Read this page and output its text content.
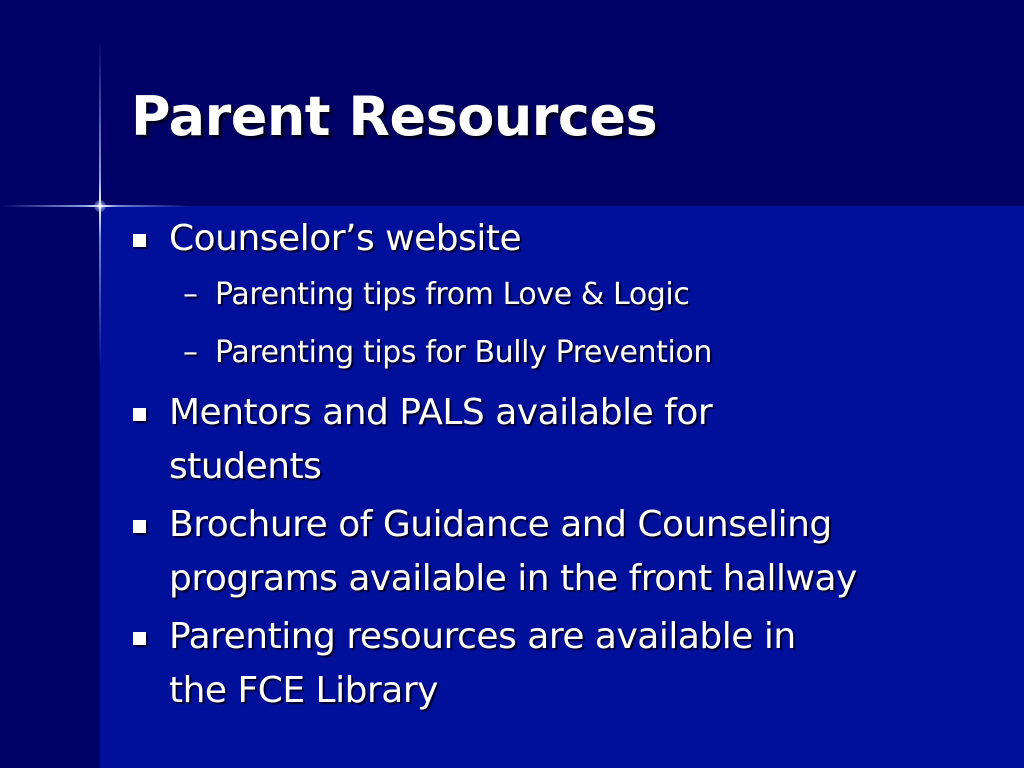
Parent Resources
Counselor’s website
– Parenting tips from Love & Logic
– Parenting tips for Bully Prevention
Mentors and PALS available for
students
Brochure of Guidance and Counseling
programs available in the front hallway
Parenting resources are available in
the FCE Library
